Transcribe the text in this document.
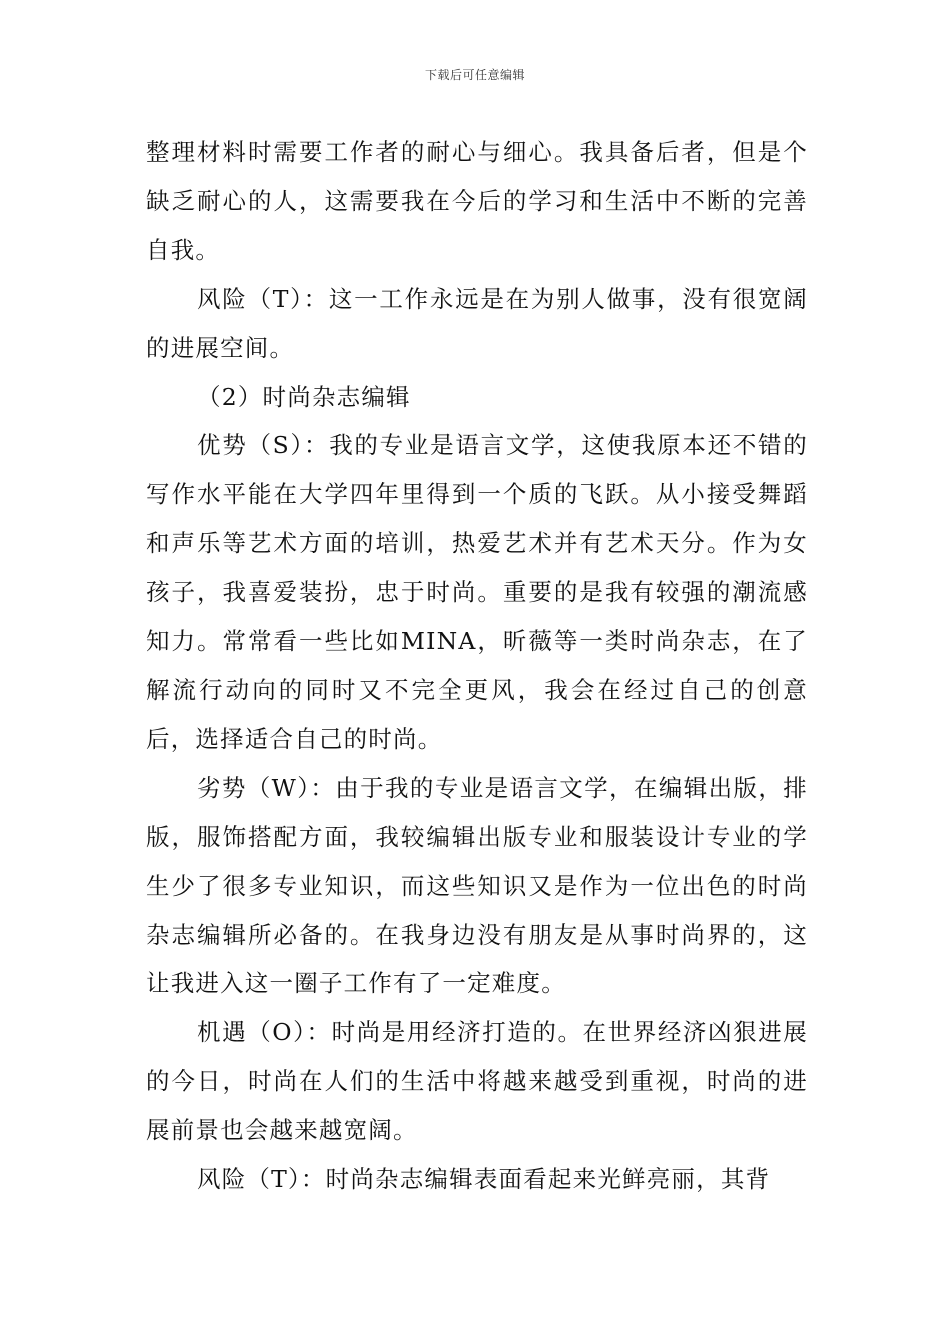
下载后可任意编辑

整理材料时需要工作者的耐心与细心。我具备后者，但是个缺乏耐心的人，这需要我在今后的学习和生活中不断的完善自我。

风险（T）：这一工作永远是在为别人做事，没有很宽阔的进展空间。

（2）时尚杂志编辑

优势（S）：我的专业是语言文学，这使我原本还不错的写作水平能在大学四年里得到一个质的飞跃。从小接受舞蹈和声乐等艺术方面的培训，热爱艺术并有艺术天分。作为女孩子，我喜爱装扮，忠于时尚。重要的是我有较强的潮流感知力。常常看一些比如MINA，昕薇等一类时尚杂志，在了解流行动向的同时又不完全更风，我会在经过自己的创意后，选择适合自己的时尚。

劣势（W）：由于我的专业是语言文学，在编辑出版，排版，服饰搭配方面，我较编辑出版专业和服装设计专业的学生少了很多专业知识，而这些知识又是作为一位出色的时尚杂志编辑所必备的。在我身边没有朋友是从事时尚界的，这让我进入这一圈子工作有了一定难度。

机遇（O）：时尚是用经济打造的。在世界经济凶狠进展的今日，时尚在人们的生活中将越来越受到重视，时尚的进展前景也会越来越宽阔。

风险（T）：时尚杂志编辑表面看起来光鲜亮丽，其背
